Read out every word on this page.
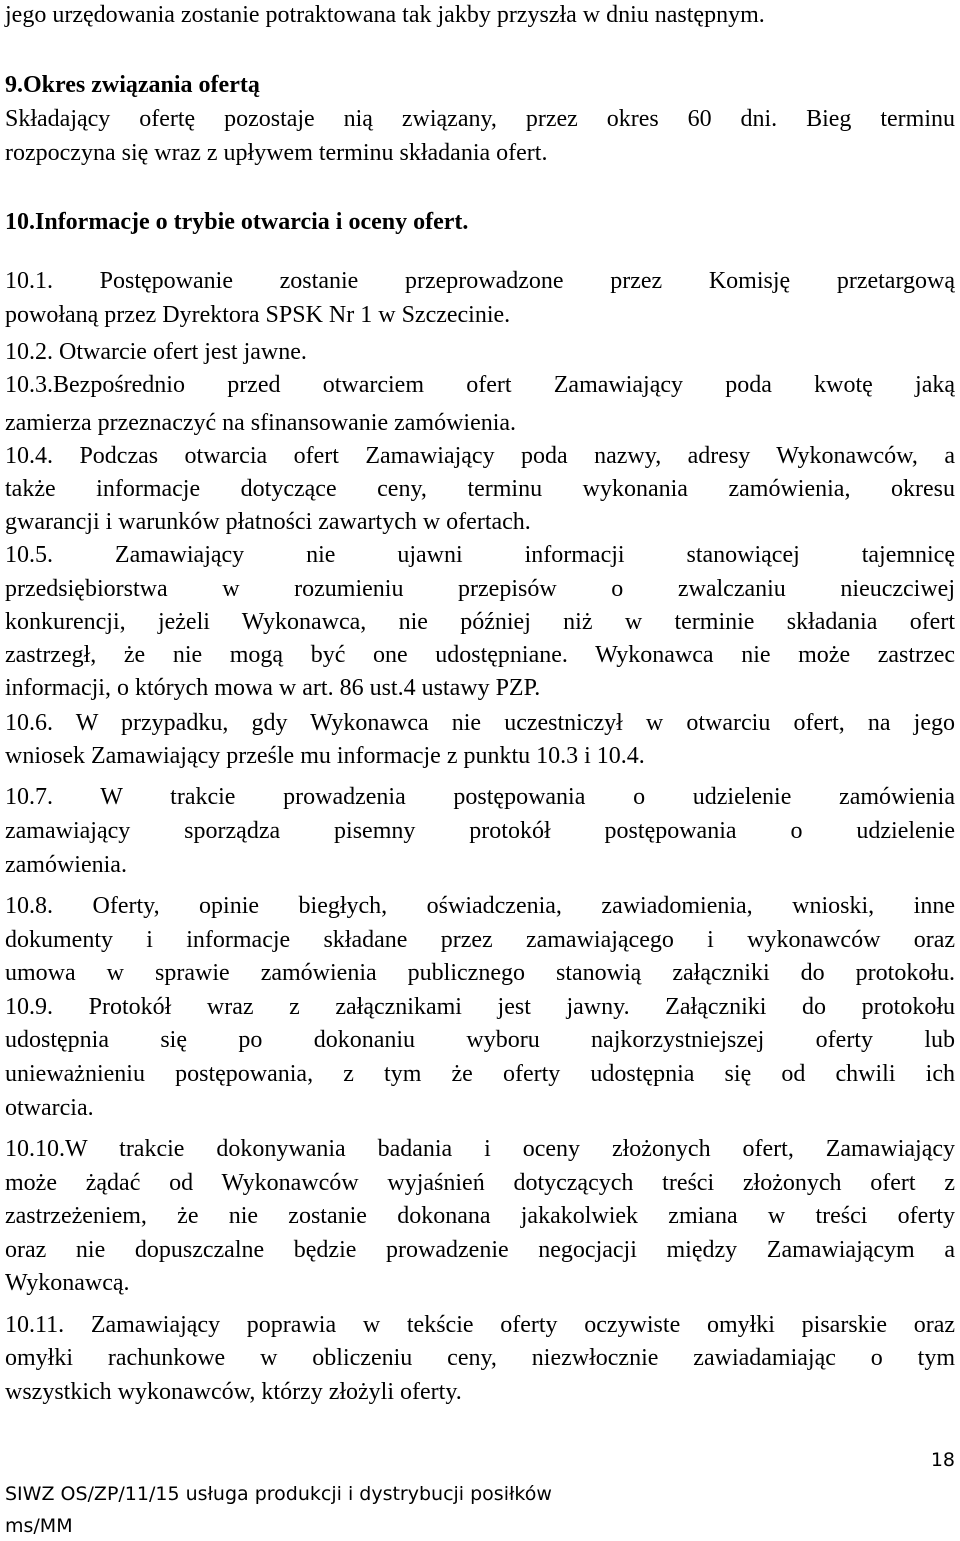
jego urzędowania zostanie potraktowana tak jakby przyszła w dniu następnym.
9.Okres związania ofertą
Składający ofertę pozostaje nią związany, przez okres 60 dni. Bieg terminu
rozpoczyna się wraz z upływem terminu składania ofert.
10.Informacje o trybie otwarcia i oceny ofert.
10.1. Postępowanie zostanie przeprowadzone przez Komisję przetargową
powołaną przez Dyrektora SPSK Nr 1 w Szczecinie.
10.2. Otwarcie ofert jest jawne.
10.3.Bezpośrednio przed otwarciem ofert Zamawiający poda kwotę jaką
zamierza przeznaczyć na sfinansowanie zamówienia.
10.4. Podczas otwarcia ofert Zamawiający poda nazwy, adresy Wykonawców, a
także informacje dotyczące ceny, terminu wykonania zamówienia, okresu
gwarancji i warunków płatności zawartych w ofertach.
10.5. Zamawiający nie ujawni informacji stanowiącej tajemnicę
przedsiębiorstwa w rozumieniu przepisów o zwalczaniu nieuczciwej
konkurencji, jeżeli Wykonawca, nie później niż w terminie składania ofert
zastrzegł, że nie mogą być one udostępniane. Wykonawca nie może zastrzec
informacji, o których mowa w art. 86 ust.4 ustawy PZP.
10.6. W przypadku, gdy Wykonawca nie uczestniczył w otwarciu ofert, na jego
wniosek Zamawiający prześle mu informacje z punktu 10.3 i 10.4.
10.7. W trakcie prowadzenia postępowania o udzielenie zamówienia
zamawiający sporządza pisemny protokół postępowania o udzielenie
zamówienia.
10.8. Oferty, opinie biegłych, oświadczenia, zawiadomienia, wnioski, inne
dokumenty i informacje składane przez zamawiającego i wykonawców oraz
umowa w sprawie zamówienia publicznego stanowią załączniki do protokołu.
10.9. Protokół wraz z załącznikami jest jawny. Załączniki do protokołu
udostępnia się po dokonaniu wyboru najkorzystniejszej oferty lub
unieważnieniu postępowania, z tym że oferty udostępnia się od chwili ich
otwarcia.
10.10.W trakcie dokonywania badania i oceny złożonych ofert, Zamawiający
może żądać od Wykonawców wyjaśnień dotyczących treści złożonych ofert z
zastrzeżeniem, że nie zostanie dokonana jakakolwiek zmiana w treści oferty
oraz nie dopuszczalne będzie prowadzenie negocjacji między Zamawiającym a
Wykonawcą.
10.11. Zamawiający poprawia w tekście oferty oczywiste omyłki pisarskie oraz
omyłki rachunkowe w obliczeniu ceny, niezwłocznie zawiadamiając o tym
wszystkich wykonawców, którzy złożyli oferty.
SIWZ OS/ZP/11/15 usługa produkcji i dystrybucji posiłków
ms/MM
18
